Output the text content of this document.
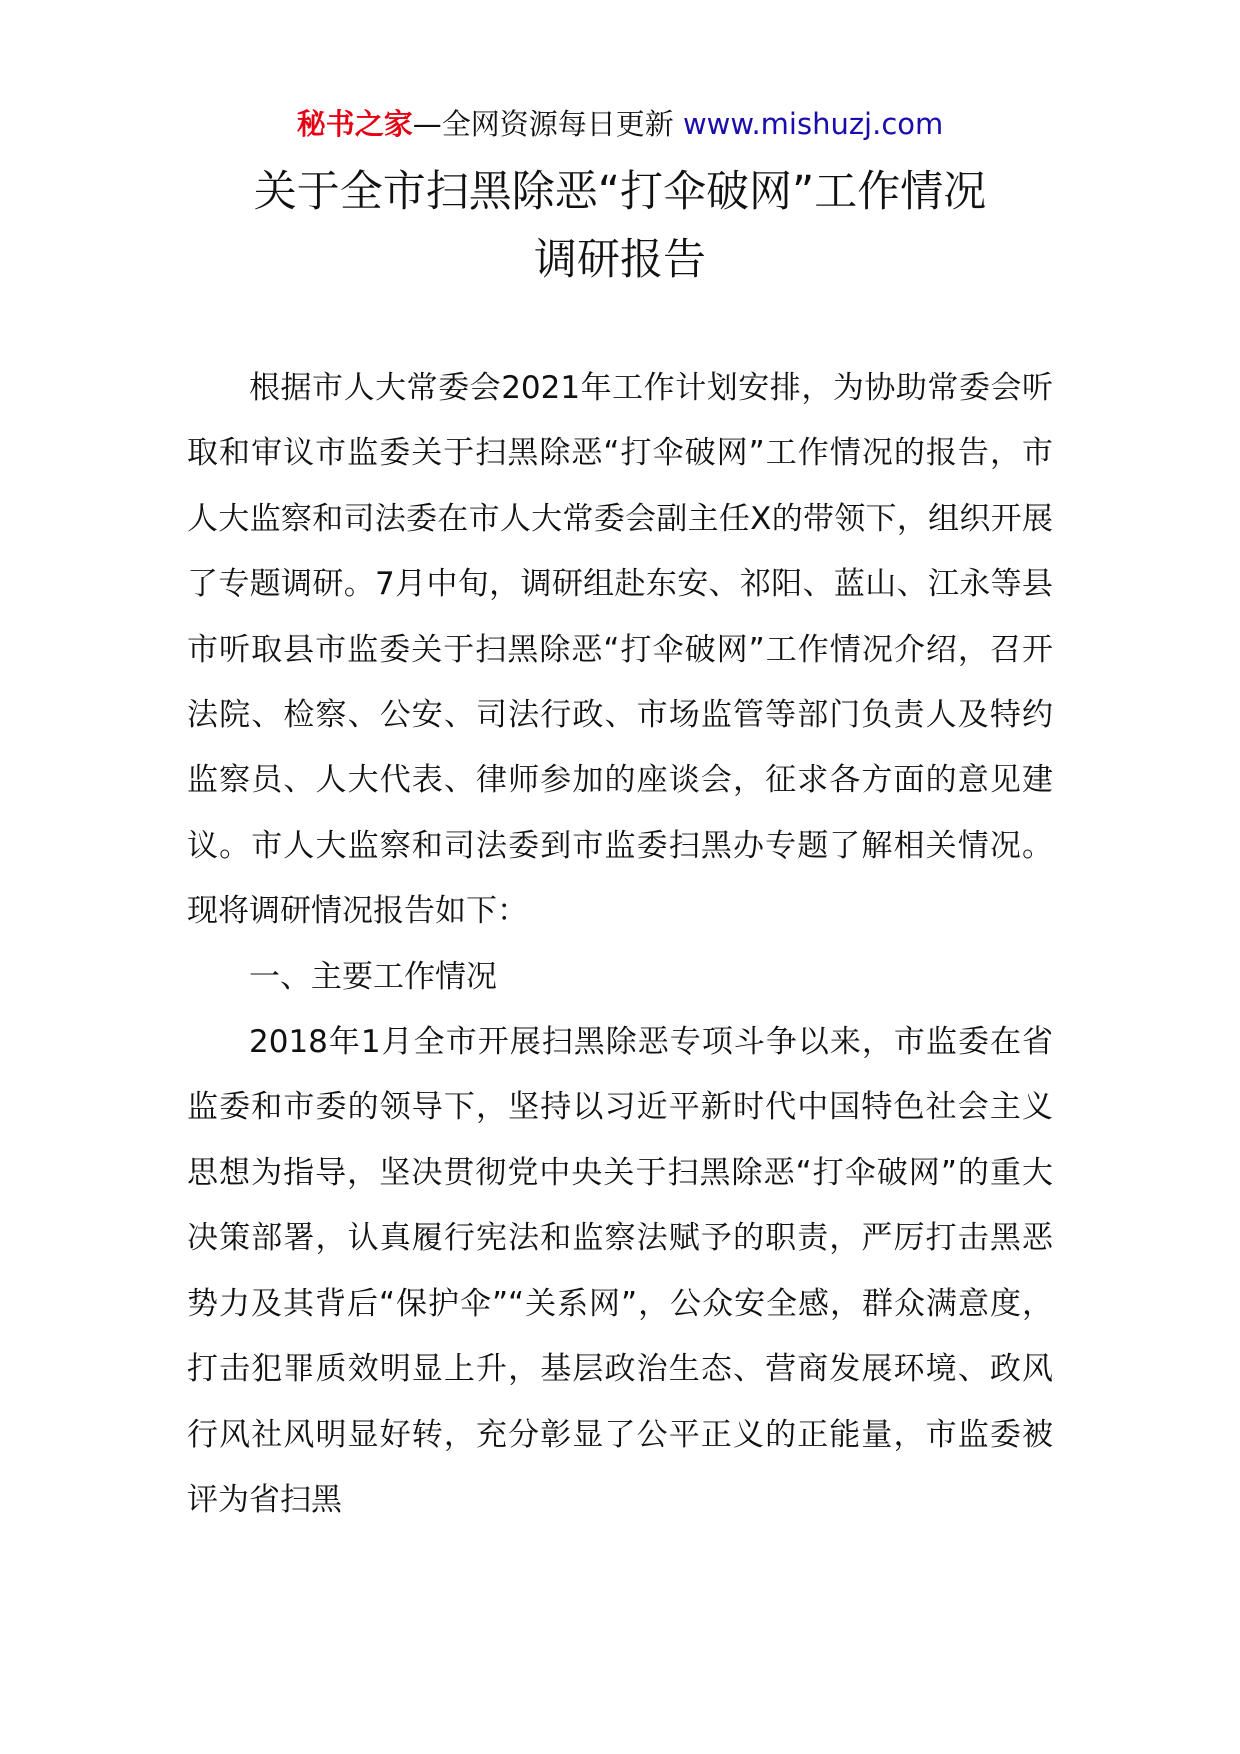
秘书之家—全网资源每日更新 www.mishuzj.com
关于全市扫黑除恶“打伞破网”工作情况
调研报告

根据市人大常委会2021年工作计划安排，为协助常委会听取和审议市监委关于扫黑除恶“打伞破网”工作情况的报告，市人大监察和司法委在市人大常委会副主任X的带领下，组织开展了专题调研。7月中旬，调研组赴东安、祁阳、蓝山、江永等县市听取县市监委关于扫黑除恶“打伞破网”工作情况介绍，召开法院、检察、公安、司法行政、市场监管等部门负责人及特约监察员、人大代表、律师参加的座谈会，征求各方面的意见建议。市人大监察和司法委到市监委扫黑办专题了解相关情况。现将调研情况报告如下：

一、主要工作情况

2018年1月全市开展扫黑除恶专项斗争以来，市监委在省监委和市委的领导下，坚持以习近平新时代中国特色社会主义思想为指导，坚决贯彻党中央关于扫黑除恶“打伞破网”的重大决策部署，认真履行宪法和监察法赋予的职责，严厉打击黑恶势力及其背后“保护伞”“关系网”，公众安全感，群众满意度，打击犯罪质效明显上升，基层政治生态、营商发展环境、政风行风社风明显好转，充分彰显了公平正义的正能量，市监委被评为省扫黑
